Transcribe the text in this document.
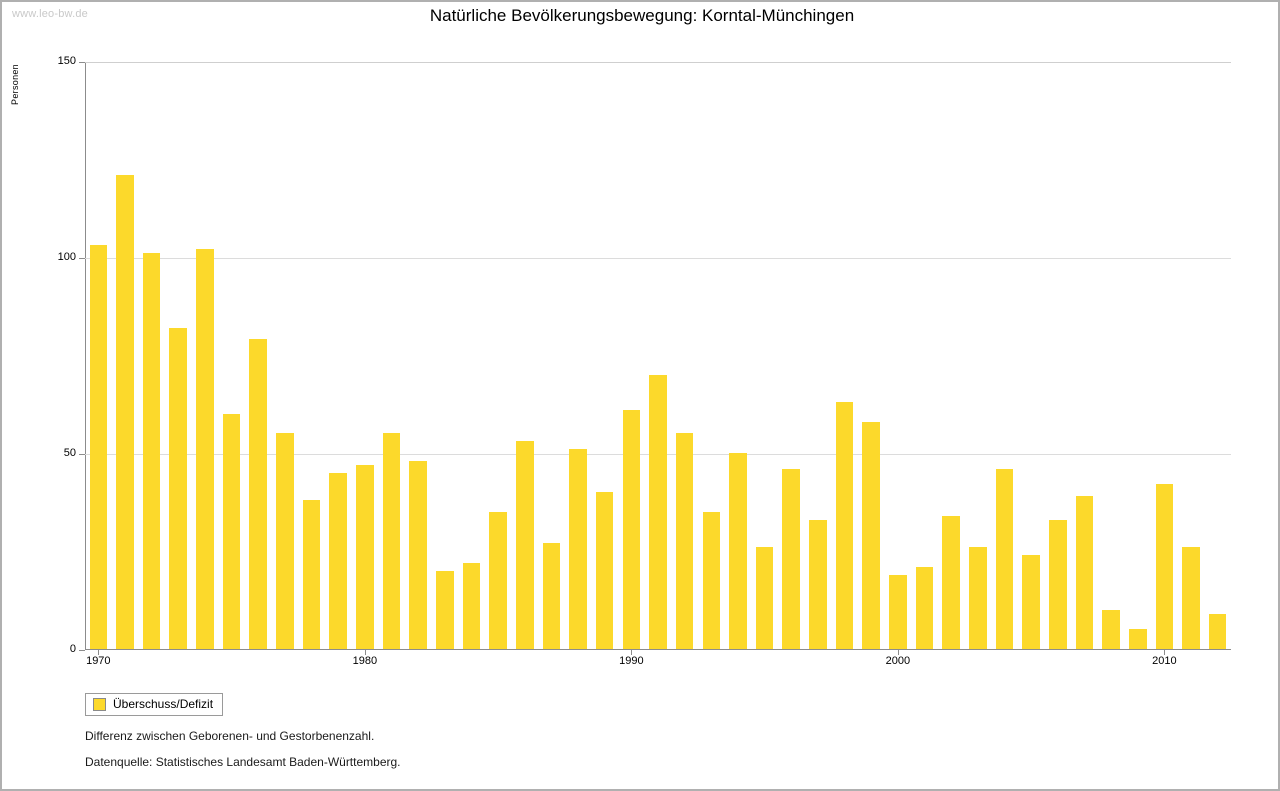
www.leo-bw.de	Natürliche Bevölkerungsbewegung: Korntal-Münchingen
Personen
0
50
100
150
1970	1980	1990	2000	2010
Überschuss/Defizit
Differenz zwischen Geborenen- und Gestorbenenzahl.
Datenquelle: Statistisches Landesamt Baden-Württemberg.
